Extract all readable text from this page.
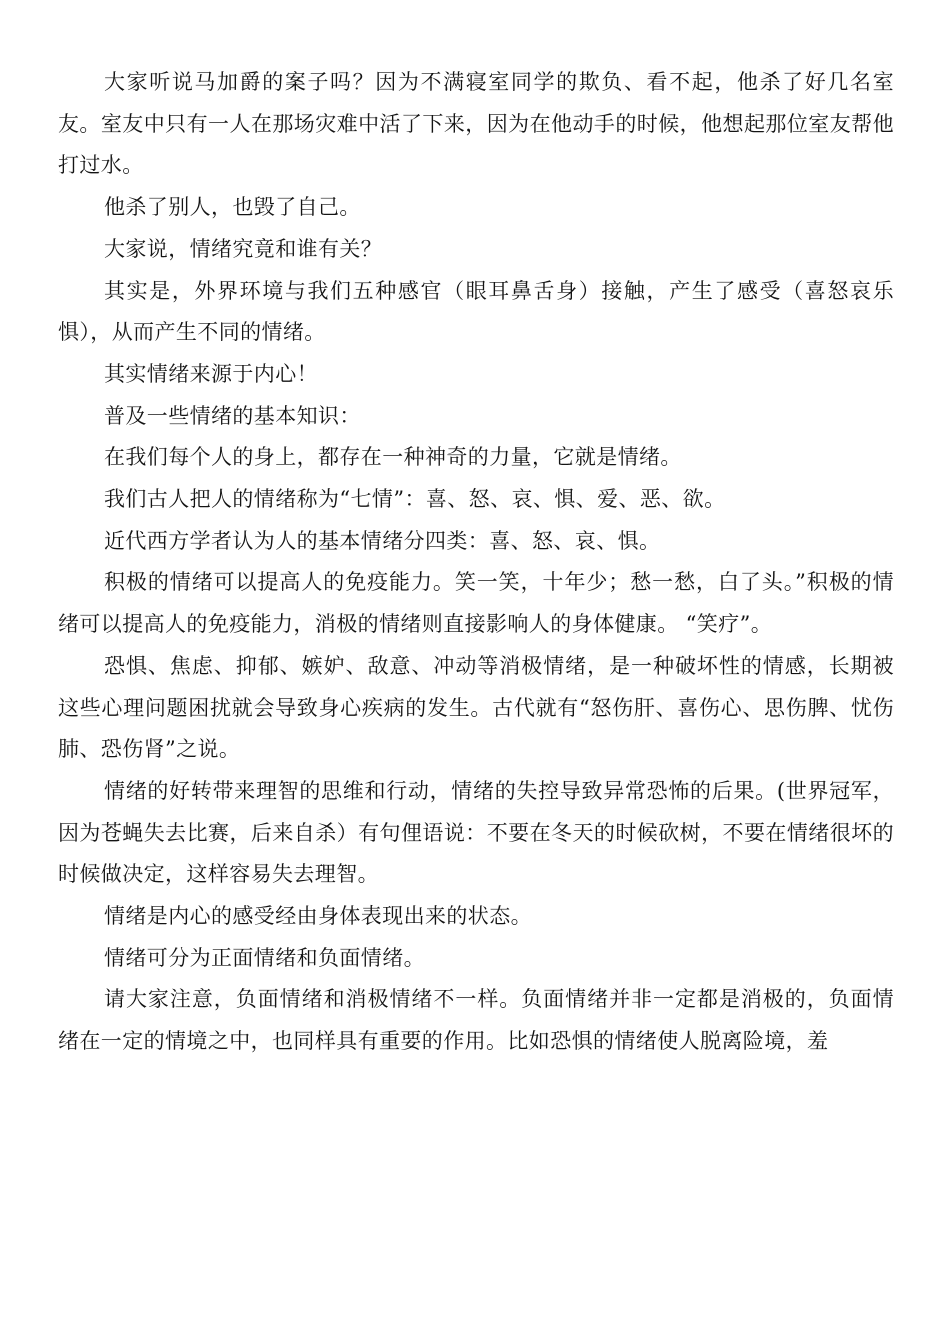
大家听说马加爵的案子吗？因为不满寝室同学的欺负、看不起，他杀了好几名室友。室友中只有一人在那场灾难中活了下来，因为在他动手的时候，他想起那位室友帮他打过水。

他杀了别人，也毁了自己。

大家说，情绪究竟和谁有关？

其实是，外界环境与我们五种感官（眼耳鼻舌身）接触，产生了感受（喜怒哀乐惧），从而产生不同的情绪。

其实情绪来源于内心！

普及一些情绪的基本知识：

在我们每个人的身上，都存在一种神奇的力量，它就是情绪。

我们古人把人的情绪称为“七情”：喜、怒、哀、惧、爱、恶、欲。

近代西方学者认为人的基本情绪分四类：喜、怒、哀、惧。

积极的情绪可以提高人的免疫能力。笑一笑，十年少；愁一愁，白了头。”积极的情绪可以提高人的免疫能力，消极的情绪则直接影响人的身体健康。 “笑疗”。

恐惧、焦虑、抑郁、嫉妒、敌意、冲动等消极情绪，是一种破坏性的情感，长期被这些心理问题困扰就会导致身心疾病的发生。古代就有“怒伤肝、喜伤心、思伤脾、忧伤肺、恐伤肾”之说。

情绪的好转带来理智的思维和行动，情绪的失控导致异常恐怖的后果。(世界冠军，因为苍蝇失去比赛，后来自杀）有句俚语说：不要在冬天的时候砍树，不要在情绪很坏的时候做决定，这样容易失去理智。

情绪是内心的感受经由身体表现出来的状态。

情绪可分为正面情绪和负面情绪。

请大家注意，负面情绪和消极情绪不一样。负面情绪并非一定都是消极的，负面情绪在一定的情境之中，也同样具有重要的作用。比如恐惧的情绪使人脱离险境，羞
